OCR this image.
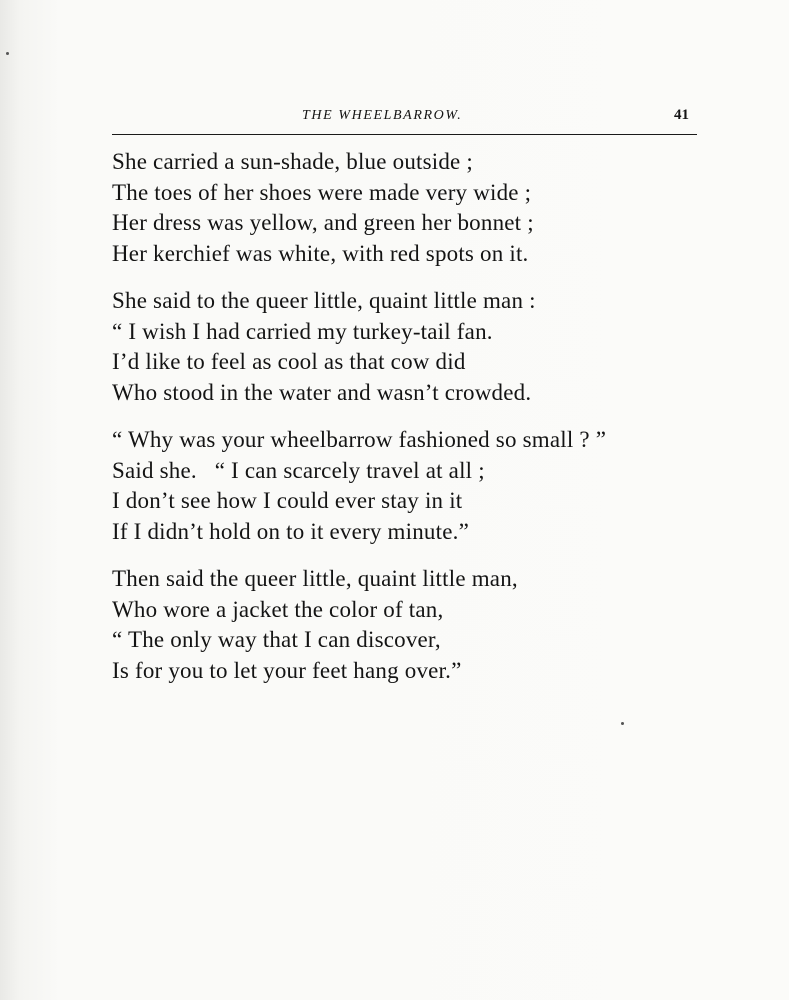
THE WHEELBARROW.	41
She carried a sun-shade, blue outside ;
The toes of her shoes were made very wide ;
Her dress was yellow, and green her bonnet ;
Her kerchief was white, with red spots on it.
She said to the queer little, quaint little man :
“ I wish I had carried my turkey-tail fan.
I’d like to feel as cool as that cow did
Who stood in the water and wasn’t crowded.
“ Why was your wheelbarrow fashioned so small ? ”
Said she.   “ I can scarcely travel at all ;
I don’t see how I could ever stay in it
If I didn’t hold on to it every minute.”
Then said the queer little, quaint little man,
Who wore a jacket the color of tan,
“ The only way that I can discover,
Is for you to let your feet hang over.”
